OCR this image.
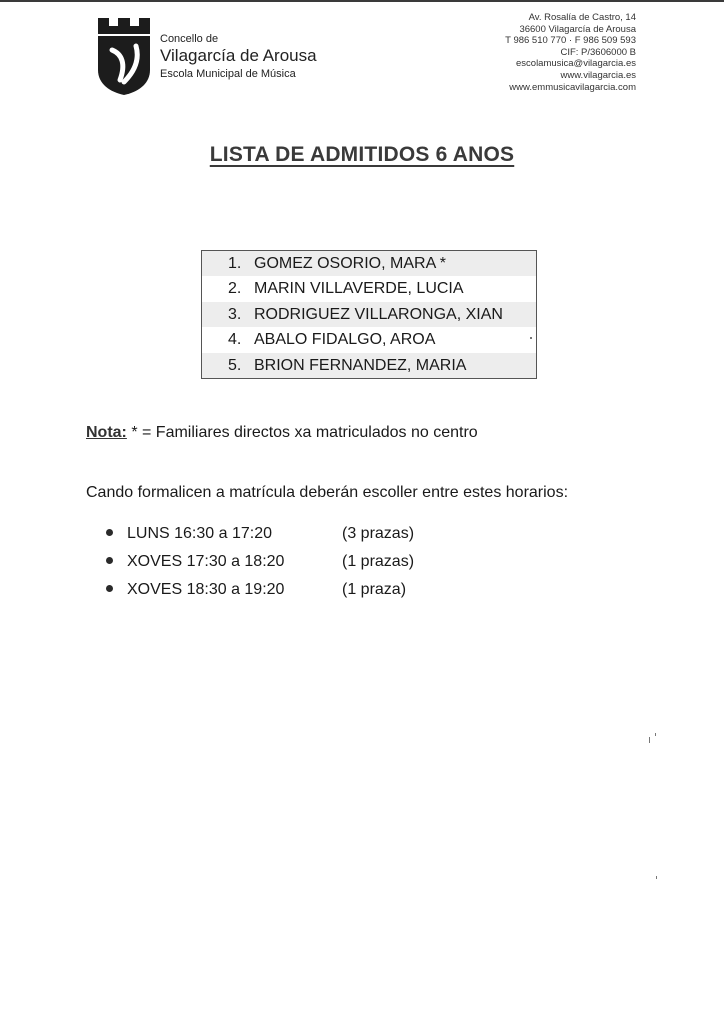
Concello de
Vilagarcía de Arousa
Escola Municipal de Música
Av. Rosalía de Castro, 14
36600 Vilagarcía de Arousa
T 986 510 770 · F 986 509 593
CIF: P/3606000 B
escolamusica@vilagarcia.es
www.vilagarcia.es
www.emmusicavilagarcia.com
LISTA DE ADMITIDOS 6 ANOS
1. GOMEZ OSORIO, MARA *
2. MARIN VILLAVERDE, LUCIA
3. RODRIGUEZ VILLARONGA, XIAN
4. ABALO FIDALGO, AROA
5. BRION FERNANDEZ, MARIA
Nota: * = Familiares directos xa matriculados no centro
Cando formalicen a matrícula deberán escoller entre estes horarios:
LUNS 16:30 a 17:20	(3 prazas)
XOVES 17:30 a 18:20	(1 prazas)
XOVES 18:30 a 19:20	(1 praza)
